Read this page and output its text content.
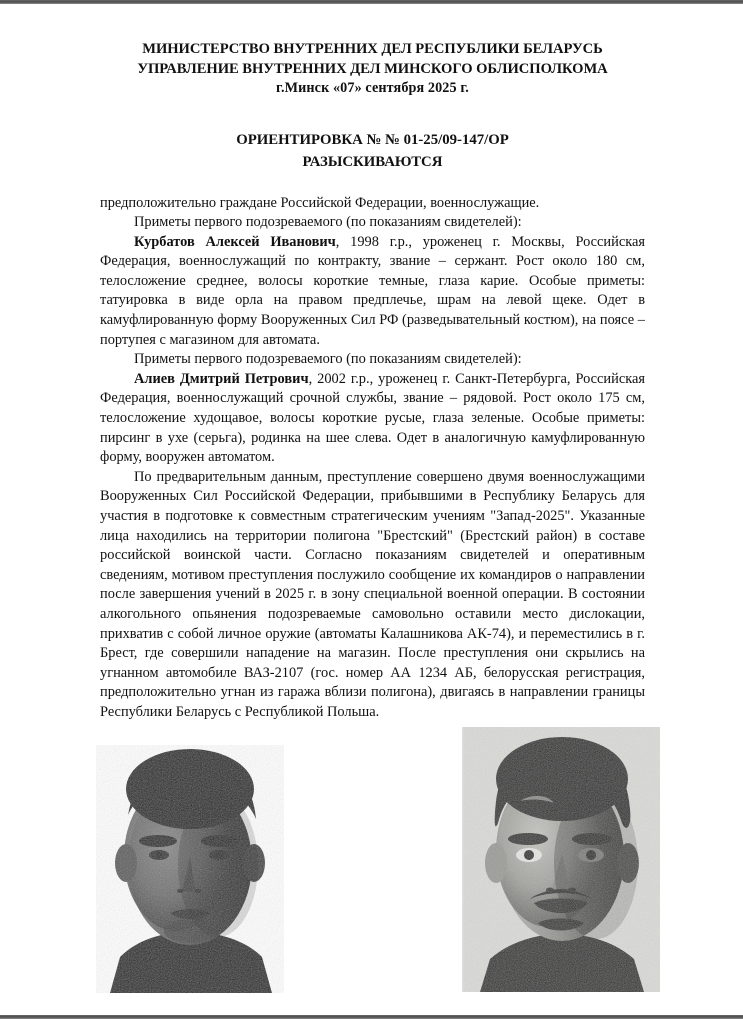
МИНИСТЕРСТВО ВНУТРЕННИХ ДЕЛ РЕСПУБЛИКИ БЕЛАРУСЬ
УПРАВЛЕНИЕ ВНУТРЕННИХ ДЕЛ МИНСКОГО ОБЛИСПОЛКОМА
г.Минск «07» сентября 2025 г.
ОРИЕНТИРОВКА № № 01-25/09-147/ОР
РАЗЫСКИВАЮТСЯ

предположительно граждане Российской Федерации, военнослужащие.

Приметы первого подозреваемого (по показаниям свидетелей):

Курбатов Алексей Иванович, 1998 г.р., уроженец г. Москвы, Российская Федерация, военнослужащий по контракту, звание – сержант. Рост около 180 см, телосложение среднее, волосы короткие темные, глаза карие. Особые приметы: татуировка в виде орла на правом предплечье, шрам на левой щеке. Одет в камуфлированную форму Вооруженных Сил РФ (разведывательный костюм), на поясе – портупея с магазином для автомата.

Приметы первого подозреваемого (по показаниям свидетелей):

Алиев Дмитрий Петрович, 2002 г.р., уроженец г. Санкт-Петербурга, Российская Федерация, военнослужащий срочной службы, звание – рядовой. Рост около 175 см, телосложение худощавое, волосы короткие русые, глаза зеленые. Особые приметы: пирсинг в ухе (серьга), родинка на шее слева. Одет в аналогичную камуфлированную форму, вооружен автоматом.

По предварительным данным, преступление совершено двумя военнослужащими Вооруженных Сил Российской Федерации, прибывшими в Республику Беларусь для участия в подготовке к совместным стратегическим учениям "Запад-2025". Указанные лица находились на территории полигона "Брестский" (Брестский район) в составе российской воинской части. Согласно показаниям свидетелей и оперативным сведениям, мотивом преступления послужило сообщение их командиров о направлении после завершения учений в 2025 г. в зону специальной военной операции. В состоянии алкогольного опьянения подозреваемые самовольно оставили место дислокации, прихватив с собой личное оружие (автоматы Калашникова АК-74), и переместились в г. Брест, где совершили нападение на магазин. После преступления они скрылись на угнанном автомобиле ВАЗ-2107 (гос. номер АА 1234 АБ, белорусская регистрация, предположительно угнан из гаража вблизи полигона), двигаясь в направлении границы Республики Беларусь с Республикой Польша.
